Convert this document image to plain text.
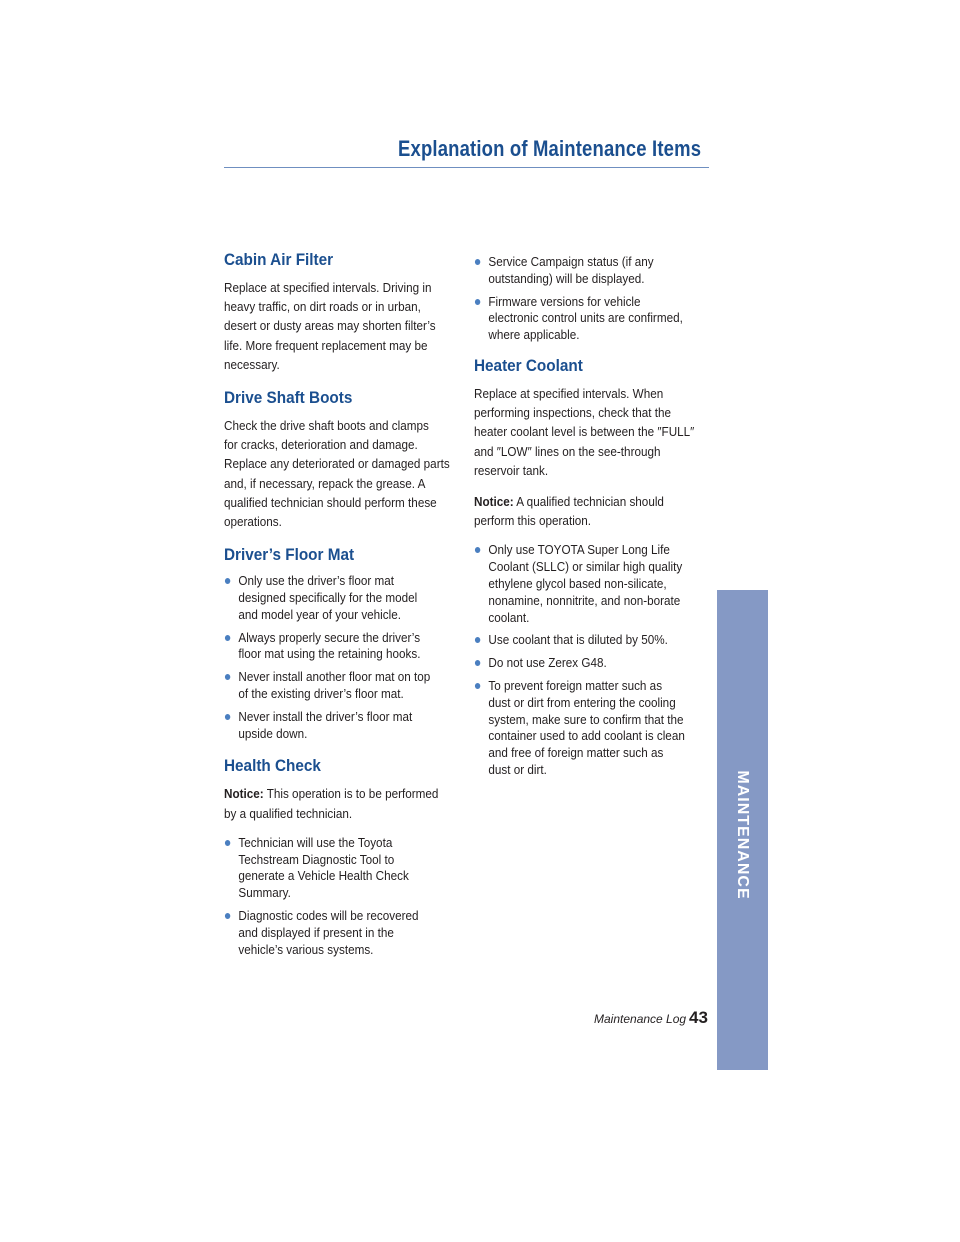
Explanation of Maintenance Items
Cabin Air Filter
Replace at specified intervals. Driving in
heavy traffic, on dirt roads or in urban,
desert or dusty areas may shorten filter’s
life. More frequent replacement may be
necessary.
Drive Shaft Boots
Check the drive shaft boots and clamps
for cracks, deterioration and damage.
Replace any deteriorated or damaged parts
and, if necessary, repack the grease. A
qualified technician should perform these
operations.
Driver’s Floor Mat
Only use the driver’s floor mat
designed specifically for the model
and model year of your vehicle.
Always properly secure the driver’s
floor mat using the retaining hooks.
Never install another floor mat on top
of the existing driver’s floor mat.
Never install the driver’s floor mat
upside down.
Health Check
Notice: This operation is to be performed
by a qualified technician.
Technician will use the Toyota
Techstream Diagnostic Tool to
generate a Vehicle Health Check
Summary.
Diagnostic codes will be recovered
and displayed if present in the
vehicle’s various systems.
Service Campaign status (if any
outstanding) will be displayed.
Firmware versions for vehicle
electronic control units are confirmed,
where applicable.
Heater Coolant
Replace at specified intervals. When
performing inspections, check that the
heater coolant level is between the ″FULL″
and ″LOW″ lines on the see-through
reservoir tank.
Notice: A qualified technician should
perform this operation.
Only use TOYOTA Super Long Life
Coolant (SLLC) or similar high quality
ethylene glycol based non-silicate,
nonamine, nonnitrite, and non-borate
coolant.
Use coolant that is diluted by 50%.
Do not use Zerex G48.
To prevent foreign matter such as
dust or dirt from entering the cooling
system, make sure to confirm that the
container used to add coolant is clean
and free of foreign matter such as
dust or dirt.
MAINTENANCE
Maintenance Log 43
